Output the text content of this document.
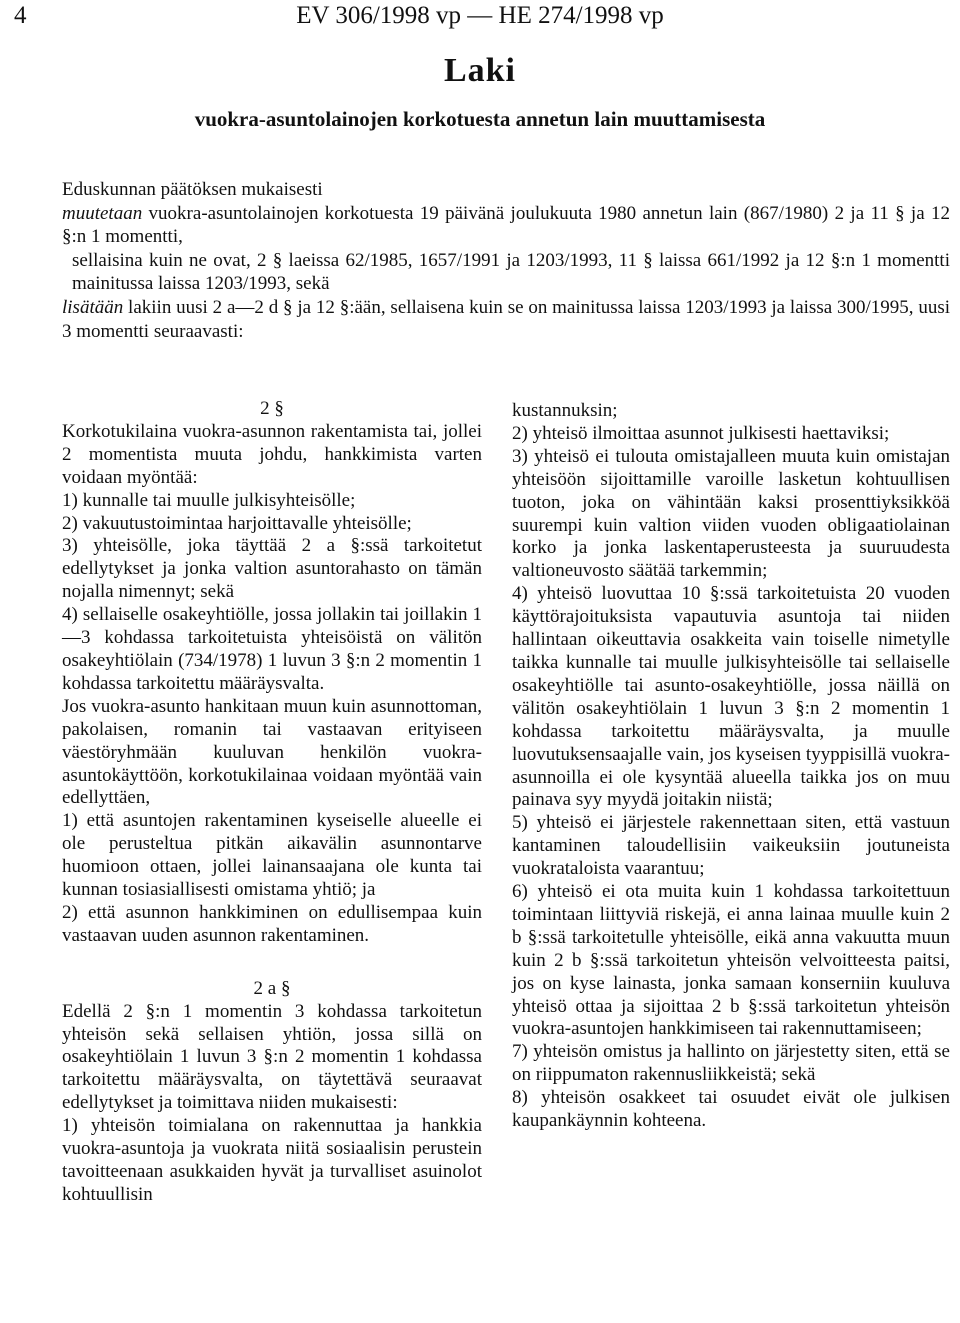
4	EV 306/1998 vp — HE 274/1998 vp
Laki
vuokra-asuntolainojen korkotuesta annetun lain muuttamisesta

Eduskunnan päätöksen mukaisesti

muutetaan vuokra-asuntolainojen korkotuesta 19 päivänä joulukuuta 1980 annetun lain (867/1980) 2 ja 11 § ja 12 §:n 1 momentti,

sellaisina kuin ne ovat, 2 § laeissa 62/1985, 1657/1991 ja 1203/1993, 11 § laissa 661/1992 ja 12 §:n 1 momentti mainitussa laissa 1203/1993, sekä

lisätään lakiin uusi 2 a—2 d § ja 12 §:ään, sellaisena kuin se on mainitussa laissa 1203/1993 ja laissa 300/1995, uusi 3 momentti seuraavasti:

2 §

Korkotukilaina vuokra-asunnon rakentamista tai, jollei 2 momentista muuta johdu, hankkimista varten voidaan myöntää:

1) kunnalle tai muulle julkisyhteisölle;

2) vakuutustoimintaa harjoittavalle yhteisölle;

3) yhteisölle, joka täyttää 2 a §:ssä tarkoitetut edellytykset ja jonka valtion asuntorahasto on tämän nojalla nimennyt; sekä

4) sellaiselle osakeyhtiölle, jossa jollakin tai joillakin 1—3 kohdassa tarkoitetuista yhteisöistä on välitön osakeyhtiölain (734/1978) 1 luvun 3 §:n 2 momentin 1 kohdassa tarkoitettu määräysvalta.

Jos vuokra-asunto hankitaan muun kuin asunnottoman, pakolaisen, romanin tai vastaavan erityiseen väestöryhmään kuuluvan henkilön vuokra-asuntokäyttöön, korkotukilainaa voidaan myöntää vain edellyttäen,

1) että asuntojen rakentaminen kyseiselle alueelle ei ole perusteltua pitkän aikavälin asunnontarve huomioon ottaen, jollei lainansaajana ole kunta tai kunnan tosiasiallisesti omistama yhtiö; ja

2) että asunnon hankkiminen on edullisempaa kuin vastaavan uuden asunnon rakentaminen.

2 a §

Edellä 2 §:n 1 momentin 3 kohdassa tarkoitetun yhteisön sekä sellaisen yhtiön, jossa sillä on osakeyhtiölain 1 luvun 3 §:n 2 momentin 1 kohdassa tarkoitettu määräysvalta, on täytettävä seuraavat edellytykset ja toimittava niiden mukaisesti:

1) yhteisön toimialana on rakennuttaa ja hankkia vuokra-asuntoja ja vuokrata niitä sosiaalisin perustein tavoitteenaan asukkaiden hyvät ja turvalliset asuinolot kohtuullisin

kustannuksin;

2) yhteisö ilmoittaa asunnot julkisesti haettaviksi;

3) yhteisö ei tulouta omistajalleen muuta kuin omistajan yhteisöön sijoittamille varoille lasketun kohtuullisen tuoton, joka on vähintään kaksi prosenttiyksikköä suurempi kuin valtion viiden vuoden obligaatiolainan korko ja jonka laskentaperusteesta ja suuruudesta valtioneuvosto säätää tarkemmin;

4) yhteisö luovuttaa 10 §:ssä tarkoitetuista 20 vuoden käyttörajoituksista vapautuvia asuntoja tai niiden hallintaan oikeuttavia osakkeita vain toiselle nimetylle taikka kunnalle tai muulle julkisyhteisölle tai sellaiselle osakeyhtiölle tai asunto-osakeyhtiölle, jossa näillä on välitön osakeyhtiölain 1 luvun 3 §:n 2 momentin 1 kohdassa tarkoitettu määräysvalta, ja muulle luovutuksensaajalle vain, jos kyseisen tyyppisillä vuokra-asunnoilla ei ole kysyntää alueella taikka jos on muu painava syy myydä joitakin niistä;

5) yhteisö ei järjestele rakennettaan siten, että vastuun kantaminen taloudellisiin vaikeuksiin joutuneista vuokrataloista vaarantuu;

6) yhteisö ei ota muita kuin 1 kohdassa tarkoitettuun toimintaan liittyviä riskejä, ei anna lainaa muulle kuin 2 b §:ssä tarkoitetulle yhteisölle, eikä anna vakuutta muun kuin 2 b §:ssä tarkoitetun yhteisön velvoitteesta paitsi, jos on kyse lainasta, jonka samaan konserniin kuuluva yhteisö ottaa ja sijoittaa 2 b §:ssä tarkoitetun yhteisön vuokra-asuntojen hankkimiseen tai rakennuttamiseen;

7) yhteisön omistus ja hallinto on järjestetty siten, että se on riippumaton rakennusliikkeistä; sekä

8) yhteisön osakkeet tai osuudet eivät ole julkisen kaupankäynnin kohteena.
